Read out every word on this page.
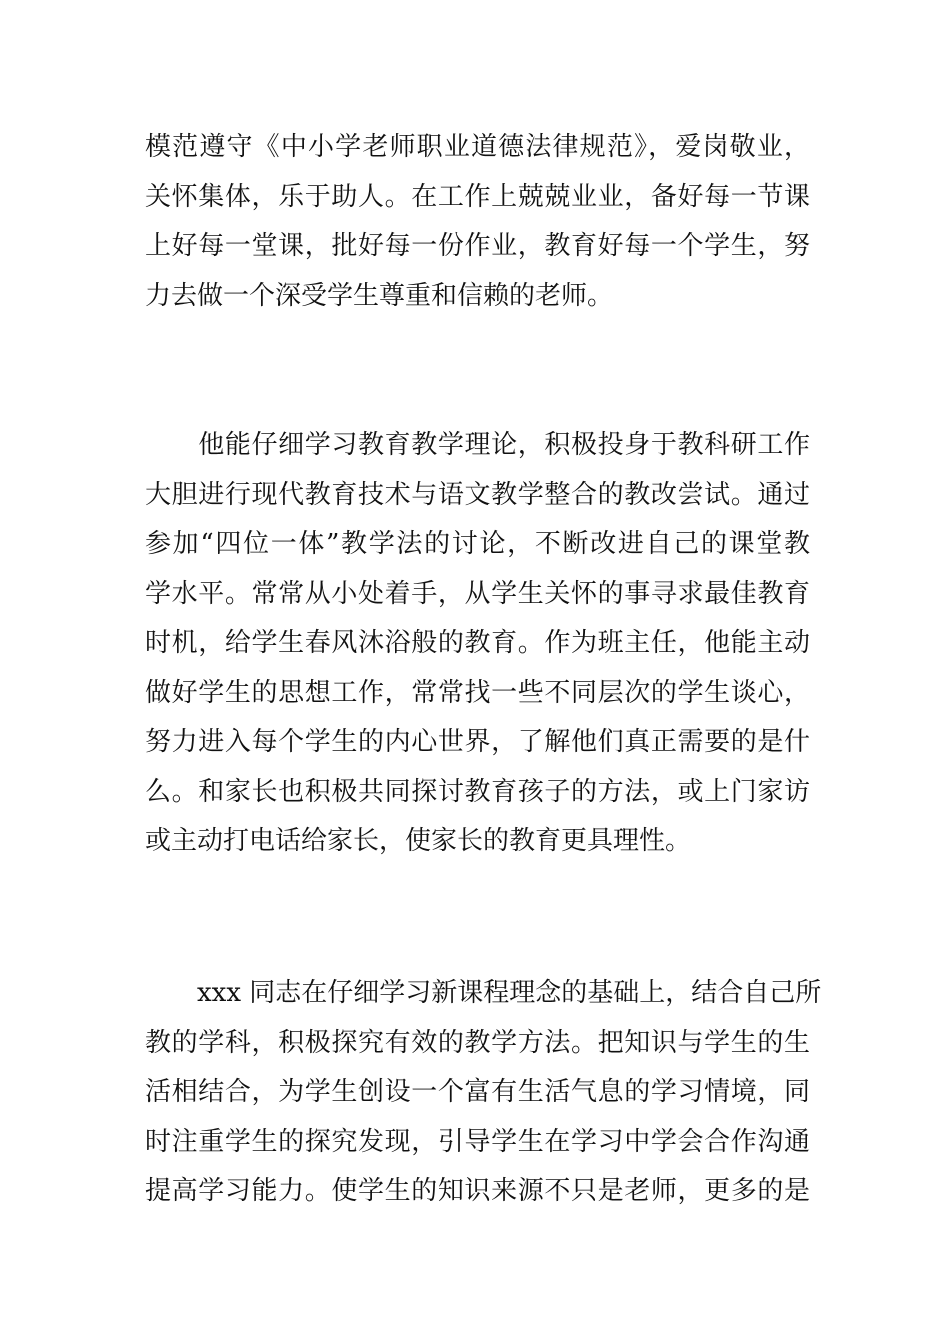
模范遵守《中小学老师职业道德法律规范》，爱岗敬业，
关怀集体，乐于助人。在工作上兢兢业业，备好每一节课
上好每一堂课，批好每一份作业，教育好每一个学生，努
力去做一个深受学生尊重和信赖的老师。
　　他能仔细学习教育教学理论，积极投身于教科研工作
大胆进行现代教育技术与语文教学整合的教改尝试。通过
参加“四位一体”教学法的讨论，不断改进自己的课堂教
学水平。常常从小处着手，从学生关怀的事寻求最佳教育
时机，给学生春风沐浴般的教育。作为班主任，他能主动
做好学生的思想工作，常常找一些不同层次的学生谈心，
努力进入每个学生的内心世界，了解他们真正需要的是什
么。和家长也积极共同探讨教育孩子的方法，或上门家访
或主动打电话给家长，使家长的教育更具理性。
　　xxx 同志在仔细学习新课程理念的基础上，结合自己所
教的学科，积极探究有效的教学方法。把知识与学生的生
活相结合，为学生创设一个富有生活气息的学习情境，同
时注重学生的探究发现，引导学生在学习中学会合作沟通
提高学习能力。使学生的知识来源不只是老师，更多的是
